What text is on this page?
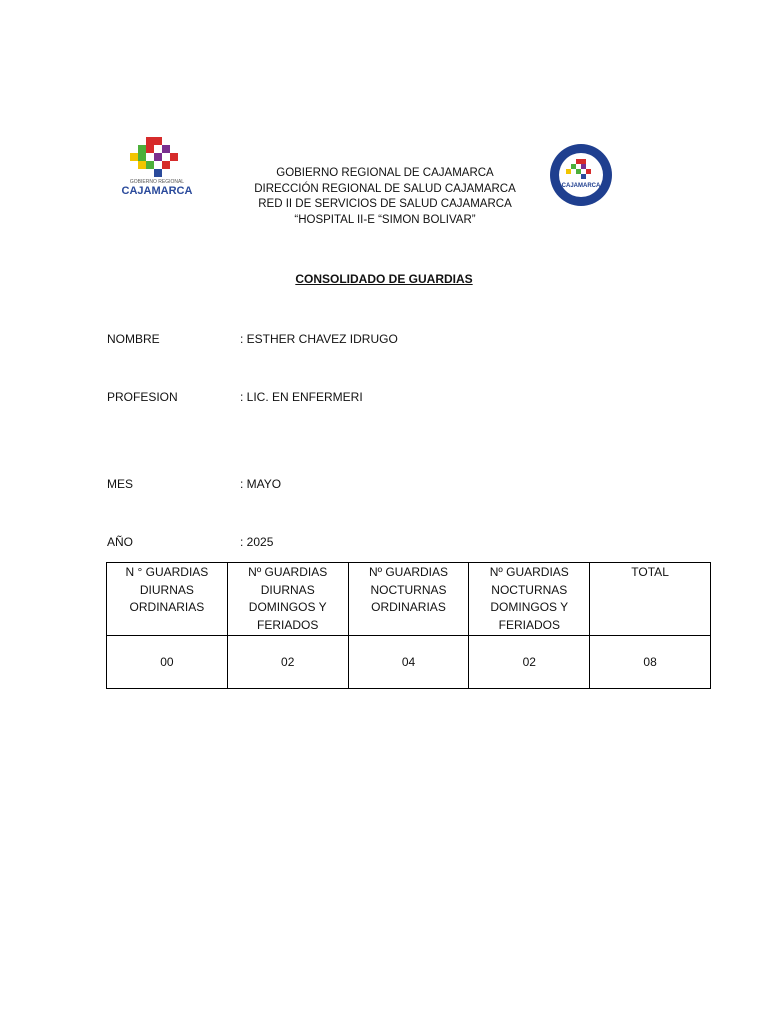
GOBIERNO REGIONAL
CAJAMARCA
GOBIERNO REGIONAL DE CAJAMARCA
DIRECCIÓN REGIONAL DE SALUD CAJAMARCA
RED II DE SERVICIOS DE SALUD CAJAMARCA
“HOSPITAL II-E “SIMON BOLIVAR”
CAJAMARCA
CONSOLIDADO DE GUARDIAS
NOMBRE	: ESTHER CHAVEZ IDRUGO
PROFESION	: LIC. EN ENFERMERI
MES	: MAYO
AÑO	: 2025
N ° GUARDIAS DIURNAS ORDINARIAS	Nº GUARDIAS DIURNAS DOMINGOS Y FERIADOS	Nº GUARDIAS NOCTURNAS ORDINARIAS	Nº GUARDIAS NOCTURNAS DOMINGOS Y FERIADOS	TOTAL
00	02	04	02	08
